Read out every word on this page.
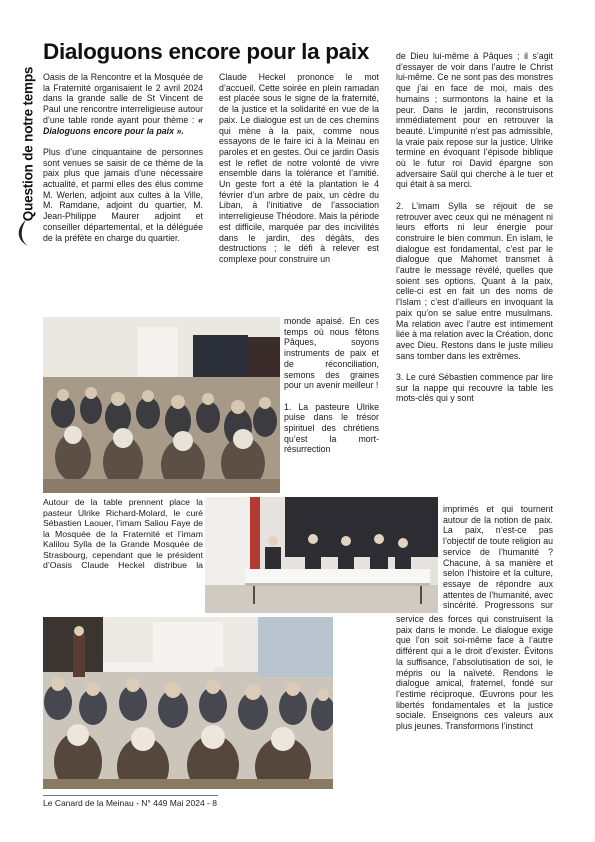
Question de notre temps
Dialoguons encore pour la paix

Oasis de la Rencontre et la Mosquée de la Fraternité organisaient le 2 avril 2024 dans la grande salle de St Vincent de Paul une rencontre interreligieuse autour d’une table ronde ayant pour thème : « Dialoguons encore pour la paix ».

Plus d’une cinquantaine de personnes sont venues se saisir de ce thème de la paix plus que jamais d’une nécessaire actualité, et parmi elles des élus comme M. Werlen, adjoint aux cultes à la Ville, M. Ramdane, adjoint du quartier, M. Jean-Philippe Maurer adjoint et conseiller départemental, et la déléguée de la préfète en charge du quartier.

Claude Heckel prononce le mot d’accueil. Cette soirée en plein ramadan est placée sous le signe de la fraternité, de la justice et la solidarité en vue de la paix. Le dialogue est un de ces chemins qui mène à la paix, comme nous essayons de le faire ici à la Meinau en paroles et en gestes. Oui ce jardin Oasis est le reflet de notre volonté de vivre ensemble dans la tolérance et l’amitié. Un geste fort a été la plantation le 4 février d’un arbre de paix, un cèdre du Liban, à l’initiative de l’association interreligieuse Théodore. Mais la période est difficile, marquée par des incivilités dans le jardin, des dégâts, des destructions ; le défi à relever est complexe pour construire un

monde apaisé. En ces temps où nous fêtons Pâques, soyons instruments de paix et de réconciliation, semons des graines pour un avenir meilleur !

1. La pasteure Ulrike puise dans le trésor spirituel des chrétiens qu’est la mort-résurrection

de Dieu lui-même à Pâques ; il s’agit d’essayer de voir dans l’autre le Christ lui-même. Ce ne sont pas des monstres que j’ai en face de moi, mais des humains ; surmontons la haine et la peur. Dans le jardin, reconstruisons immédiatement pour en retrouver la beauté. L’impunité n’est pas admissible, la vraie paix repose sur la justice. Ulrike termine en évoquant l’épisode biblique où le futur roi David épargne son adversaire Saül qui cherche à le tuer et qui était à sa merci.

2. L’imam Sylla se réjouit de se retrouver avec ceux qui ne ménagent ni leurs efforts ni leur énergie pour construire le bien commun. En islam, le dialogue est fondamental, c’est par le dialogue que Mahomet transmet à l’autre le message révélé, quelles que soient ses options. Quant à la paix, celle-ci est en fait un des noms de l’Islam ; c’est d’ailleurs en invoquant la paix qu’on se salue entre musulmans. Ma relation avec l’autre est intimement liée à ma relation avec la Création, donc avec Dieu. Restons dans le juste milieu sans tomber dans les extrêmes.

3. Le curé Sébastien commence par lire sur la nappe qui recouvre la table les mots-clés qui y sont

imprimés et qui tournent autour de la notion de paix. La paix, n’est-ce pas l’objectif de toute religion au service de l’humanité ? Chacune, à sa manière et selon l’histoire et la culture, essaye de répondre aux attentes de l’humanité, avec sincérité. Progressons sur

service des forces qui construisent la paix dans le monde. Le dialogue exige que l’on soit soi-même face à l’autre différent qui a le droit d’exister. Évitons la suffisance, l’absolutisation de soi, le mépris ou la naïveté. Rendons le dialogue amical, fraternel, fondé sur l’estime réciproque. Œuvrons pour les libertés fondamentales et la justice sociale. Enseignons ces valeurs aux plus jeunes. Transformons l’instinct

Autour de la table prennent place la pasteur Ulrike Richard-Molard, le curé Sébastien Laouer, l’imam Saliou Faye de la Mosquée de la Fraternité et l’imam Kalilou Sylla de la Grande Mosquée de Strasbourg, cependant que le président d’Oasis Claude Heckel distribue la
Le Canard de la Meinau - N° 449 Mai 2024 - 8
